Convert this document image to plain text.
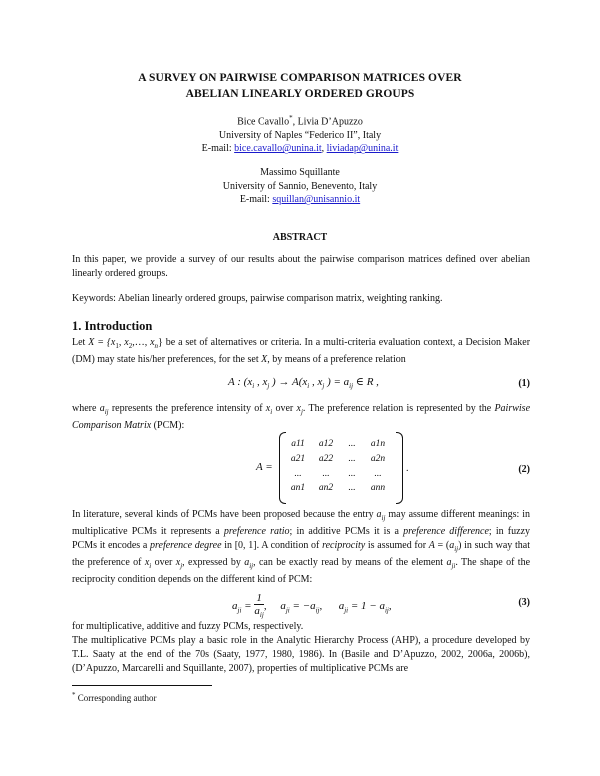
A SURVEY ON PAIRWISE COMPARISON MATRICES OVER
ABELIAN LINEARLY ORDERED GROUPS
Bice Cavallo*, Livia D’Apuzzo
University of Naples “Federico II”, Italy
E-mail: bice.cavallo@unina.it, liviadap@unina.it
Massimo Squillante
University of Sannio, Benevento, Italy
E-mail: squillan@unisannio.it
ABSTRACT
In this paper, we provide a survey of our results about the pairwise comparison matrices defined over abelian linearly ordered groups.
Keywords: Abelian linearly ordered groups, pairwise comparison matrix, weighting ranking.
1. Introduction
Let $X = \{x_1$, $x_2,\dots$, $x_n$} be a set of alternatives or criteria. In a multi-criteria evaluation context, a Decision Maker (DM) may state his/her preferences, for the set X, by means of a preference relation
A : ($x_i$ , $x_j$ ) → $A(x_i$ , $x_j$ ) = $a_{ij}$ ∈ R ,	(1)
where $a_{ij}$ represents the preference intensity of $x_i$ over $x_j$. The preference relation is represented by the Pairwise Comparison Matrix (PCM):
A =
a11	a12	...	a1n
a21	a22	...	a2n
...	...	...	...
an1	an2	...	ann
.	(2)
In literature, several kinds of PCMs have been proposed because the entry $a_{ij}$ may assume different meanings: in multiplicative PCMs it represents a preference ratio; in additive PCMs it is a preference difference; in fuzzy PCMs it encodes a preference degree in [0, 1]. A condition of reciprocity is assumed for $A = (a_{ij})$ in such way that the preference of $x_i$ over $x_j$, expressed by $a_{ij}$, can be exactly read by means of the element $a_{ji}$. The shape of the reciprocity condition depends on the different kind of PCM:
$a_{ji} = \frac{1}{a_{ij}}$ ,     $a_{ji} = -a_{ij}$,      $a_{ji} = 1 - a_{ij}$,	(3)
for multiplicative, additive and fuzzy PCMs, respectively.
The multiplicative PCMs play a basic role in the Analytic Hierarchy Process (AHP), a procedure developed by T.L. Saaty at the end of the 70s (Saaty, 1977, 1980, 1986). In (Basile and D’Apuzzo, 2002, 2006a, 2006b), (D’Apuzzo, Marcarelli and Squillante, 2007), properties of multiplicative PCMs are
* Corresponding author
